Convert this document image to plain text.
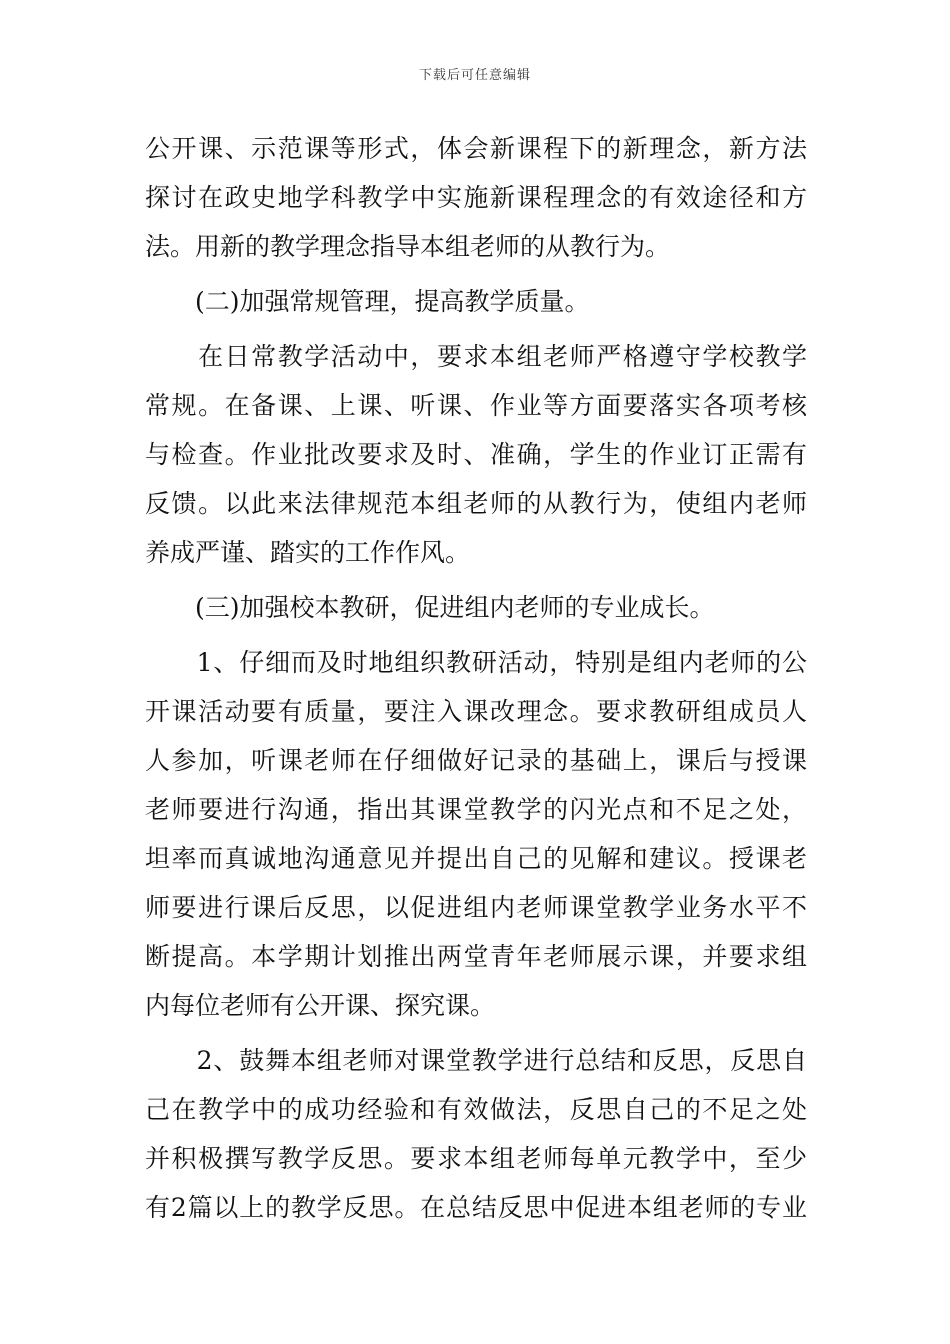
下载后可任意编辑
公开课、示范课等形式，体会新课程下的新理念，新方法
探讨在政史地学科教学中实施新课程理念的有效途径和方
法。用新的教学理念指导本组老师的从教行为。
　　(二)加强常规管理，提高教学质量。
　　在日常教学活动中，要求本组老师严格遵守学校教学
常规。在备课、上课、听课、作业等方面要落实各项考核
与检查。作业批改要求及时、准确，学生的作业订正需有
反馈。以此来法律规范本组老师的从教行为，使组内老师
养成严谨、踏实的工作作风。
　　(三)加强校本教研，促进组内老师的专业成长。
　　1、仔细而及时地组织教研活动，特别是组内老师的公
开课活动要有质量，要注入课改理念。要求教研组成员人
人参加，听课老师在仔细做好记录的基础上，课后与授课
老师要进行沟通，指出其课堂教学的闪光点和不足之处，
坦率而真诚地沟通意见并提出自己的见解和建议。授课老
师要进行课后反思，以促进组内老师课堂教学业务水平不
断提高。本学期计划推出两堂青年老师展示课，并要求组
内每位老师有公开课、探究课。
　　2、鼓舞本组老师对课堂教学进行总结和反思，反思自
己在教学中的成功经验和有效做法，反思自己的不足之处
并积极撰写教学反思。要求本组老师每单元教学中，至少
有2篇以上的教学反思。在总结反思中促进本组老师的专业
